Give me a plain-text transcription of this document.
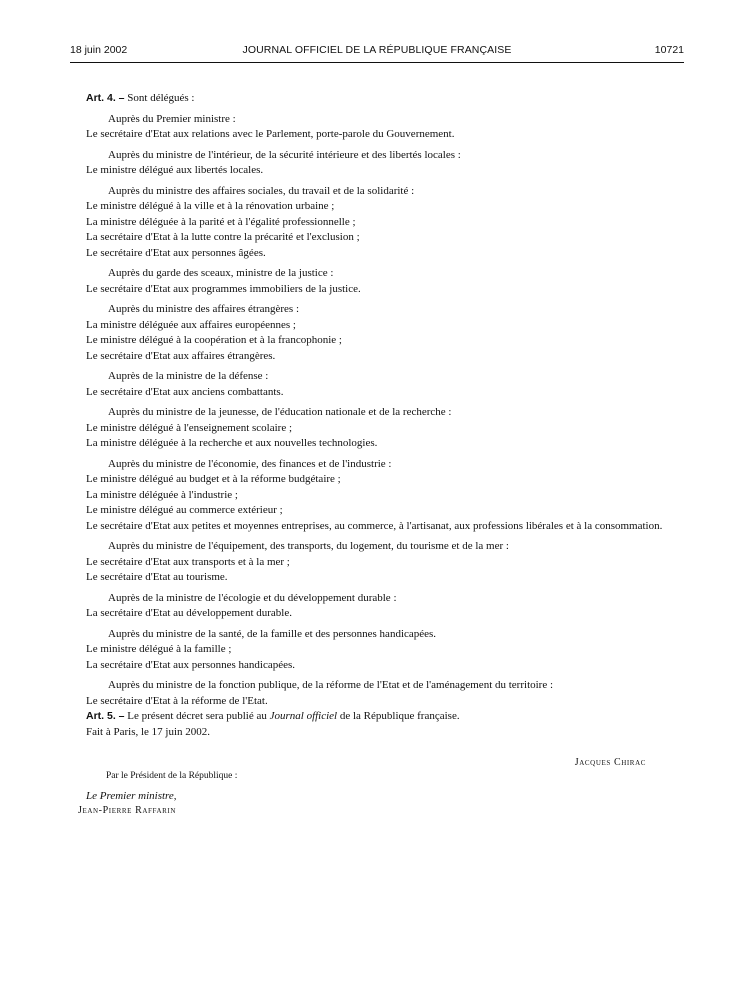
18 juin 2002	JOURNAL OFFICIEL DE LA RÉPUBLIQUE FRANÇAISE	10721

Art. 4. – Sont délégués :

Auprès du Premier ministre :

Le secrétaire d'Etat aux relations avec le Parlement, porte-parole du Gouvernement.

Auprès du ministre de l'intérieur, de la sécurité intérieure et des libertés locales :

Le ministre délégué aux libertés locales.

Auprès du ministre des affaires sociales, du travail et de la solidarité :

Le ministre délégué à la ville et à la rénovation urbaine ;

La ministre déléguée à la parité et à l'égalité professionnelle ;

La secrétaire d'Etat à la lutte contre la précarité et l'exclusion ;

Le secrétaire d'Etat aux personnes âgées.

Auprès du garde des sceaux, ministre de la justice :

Le secrétaire d'Etat aux programmes immobiliers de la justice.

Auprès du ministre des affaires étrangères :

La ministre déléguée aux affaires européennes ;

Le ministre délégué à la coopération et à la francophonie ;

Le secrétaire d'Etat aux affaires étrangères.

Auprès de la ministre de la défense :

Le secrétaire d'Etat aux anciens combattants.

Auprès du ministre de la jeunesse, de l'éducation nationale et de la recherche :

Le ministre délégué à l'enseignement scolaire ;

La ministre déléguée à la recherche et aux nouvelles technologies.

Auprès du ministre de l'économie, des finances et de l'industrie :

Le ministre délégué au budget et à la réforme budgétaire ;

La ministre déléguée à l'industrie ;

Le ministre délégué au commerce extérieur ;

Le secrétaire d'Etat aux petites et moyennes entreprises, au commerce, à l'artisanat, aux professions libérales et à la consommation.

Auprès du ministre de l'équipement, des transports, du logement, du tourisme et de la mer :

Le secrétaire d'Etat aux transports et à la mer ;

Le secrétaire d'Etat au tourisme.

Auprès de la ministre de l'écologie et du développement durable :

La secrétaire d'Etat au développement durable.

Auprès du ministre de la santé, de la famille et des personnes handicapées.

Le ministre délégué à la famille ;

La secrétaire d'Etat aux personnes handicapées.

Auprès du ministre de la fonction publique, de la réforme de l'Etat et de l'aménagement du territoire :

Le secrétaire d'Etat à la réforme de l'Etat.

Art. 5. – Le présent décret sera publié au Journal officiel de la République française.

Fait à Paris, le 17 juin 2002.

Jacques Chirac
Par le Président de la République :
Le Premier ministre,
Jean-Pierre Raffarin
